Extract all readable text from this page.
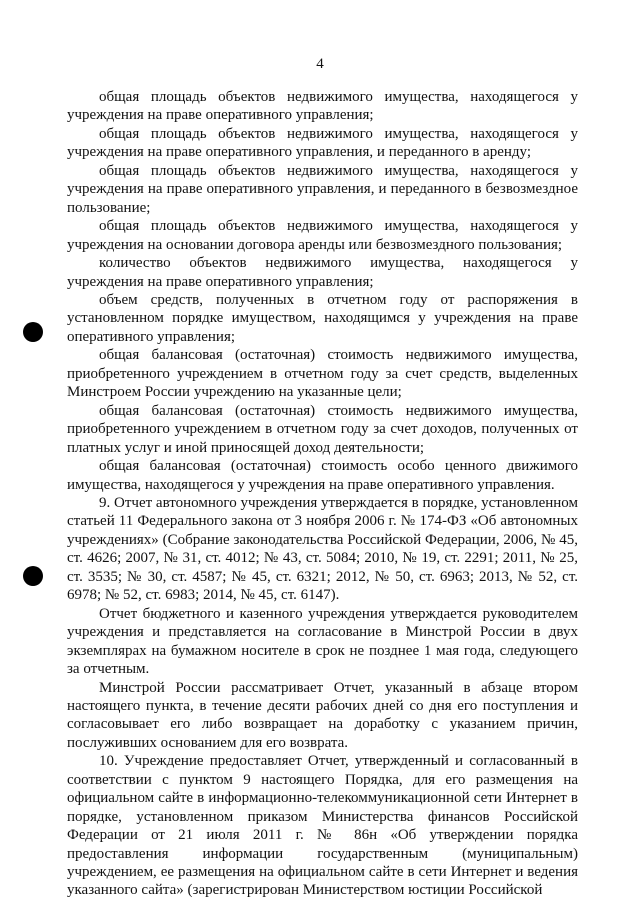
4

общая площадь объектов недвижимого имущества, находящегося у учреждения на праве оперативного управления;

общая площадь объектов недвижимого имущества, находящегося у учреждения на праве оперативного управления, и переданного в аренду;

общая площадь объектов недвижимого имущества, находящегося у учреждения на праве оперативного управления, и переданного в безвозмездное пользование;

общая площадь объектов недвижимого имущества, находящегося у учреждения на основании договора аренды или безвозмездного пользования;

количество объектов недвижимого имущества, находящегося у учреждения на праве оперативного управления;

объем средств, полученных в отчетном году от распоряжения в установленном порядке имуществом, находящимся у учреждения на праве оперативного управления;

общая балансовая (остаточная) стоимость недвижимого имущества, приобретенного учреждением в отчетном году за счет средств, выделенных Минстроем России учреждению на указанные цели;

общая балансовая (остаточная) стоимость недвижимого имущества, приобретенного учреждением в отчетном году за счет доходов, полученных от платных услуг и иной приносящей доход деятельности;

общая балансовая (остаточная) стоимость особо ценного движимого имущества, находящегося у учреждения на праве оперативного управления.

9. Отчет автономного учреждения утверждается в порядке, установленном статьей 11 Федерального закона от 3 ноября 2006 г. № 174-ФЗ «Об автономных учреждениях» (Собрание законодательства Российской Федерации, 2006, № 45, ст. 4626; 2007, № 31, ст. 4012; № 43, ст. 5084; 2010, № 19, ст. 2291; 2011, № 25, ст. 3535; № 30, ст. 4587; № 45, ст. 6321; 2012, № 50, ст. 6963; 2013, № 52, ст. 6978; № 52, ст. 6983; 2014, № 45, ст. 6147).

Отчет бюджетного и казенного учреждения утверждается руководителем учреждения и представляется на согласование в Минстрой России в двух экземплярах на бумажном носителе в срок не позднее 1 мая года, следующего за отчетным.

Минстрой России рассматривает Отчет, указанный в абзаце втором настоящего пункта, в течение десяти рабочих дней со дня его поступления и согласовывает его либо возвращает на доработку с указанием причин, послуживших основанием для его возврата.

10. Учреждение предоставляет Отчет, утвержденный и согласованный в соответствии с пунктом 9 настоящего Порядка, для его размещения на официальном сайте в информационно-телекоммуникационной сети Интернет в порядке, установленном приказом Министерства финансов Российской Федерации от 21 июля 2011 г. № 86н «Об утверждении порядка предоставления информации государственным (муниципальным) учреждением, ее размещения на официальном сайте в сети Интернет и ведения указанного сайта» (зарегистрирован Министерством юстиции Российской
